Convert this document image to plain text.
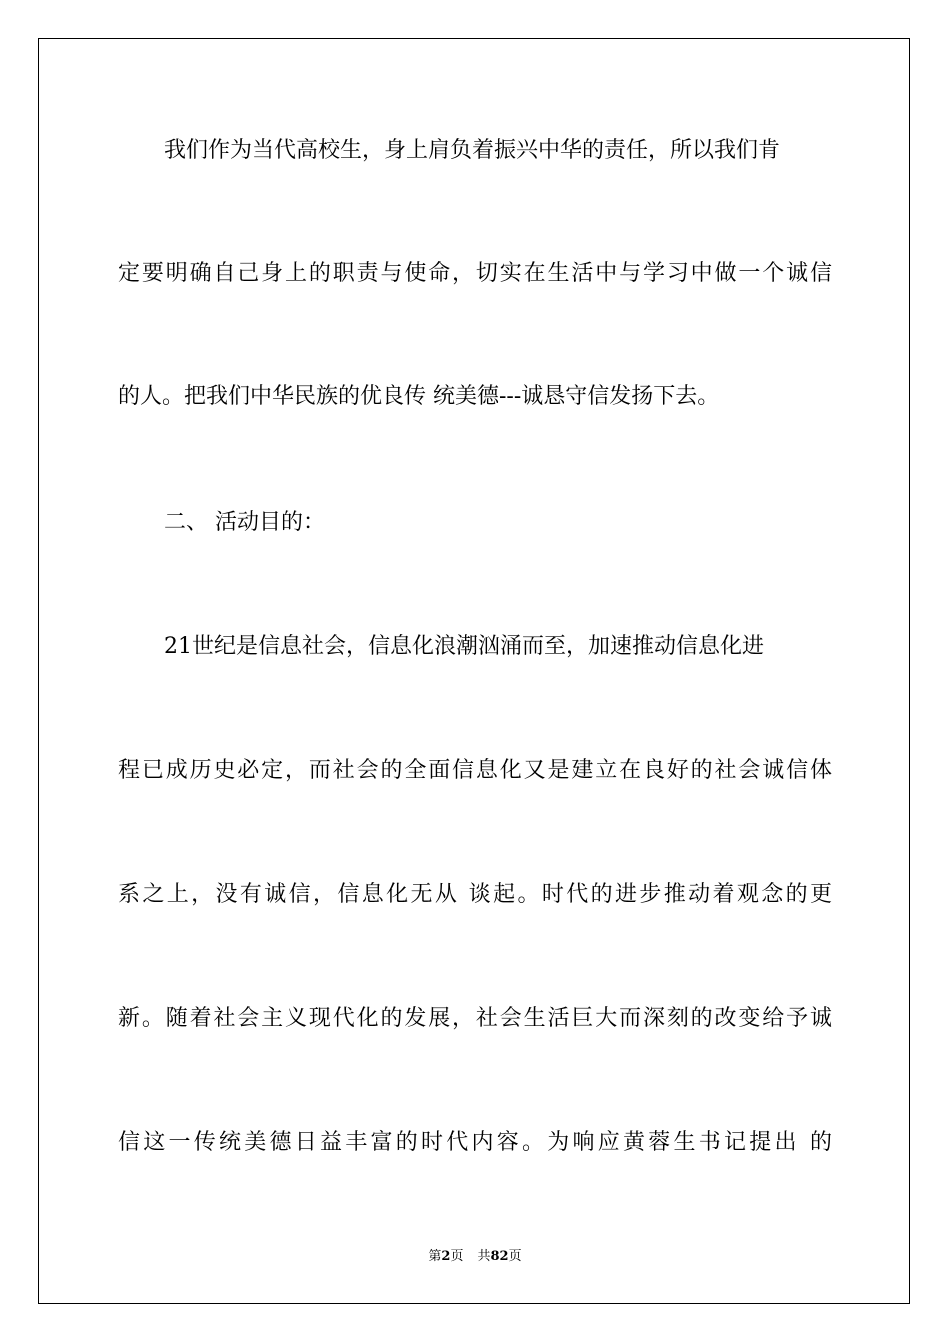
我们作为当代高校生，身上肩负着振兴中华的责任，所以我们肯
定要明确自己身上的职责与使命，切实在生活中与学习中做一个诚信
的人。把我们中华民族的优良传 统美德---诚恳守信发扬下去。
二、 活动目的：
21世纪是信息社会，信息化浪潮汹涌而至，加速推动信息化进
程已成历史必定，而社会的全面信息化又是建立在良好的社会诚信体
系之上，没有诚信，信息化无从 谈起。时代的进步推动着观念的更
新。随着社会主义现代化的发展，社会生活巨大而深刻的改变给予诚
信这一传统美德日益丰富的时代内容。为响应黄蓉生书记提出 的
第2页 共82页
